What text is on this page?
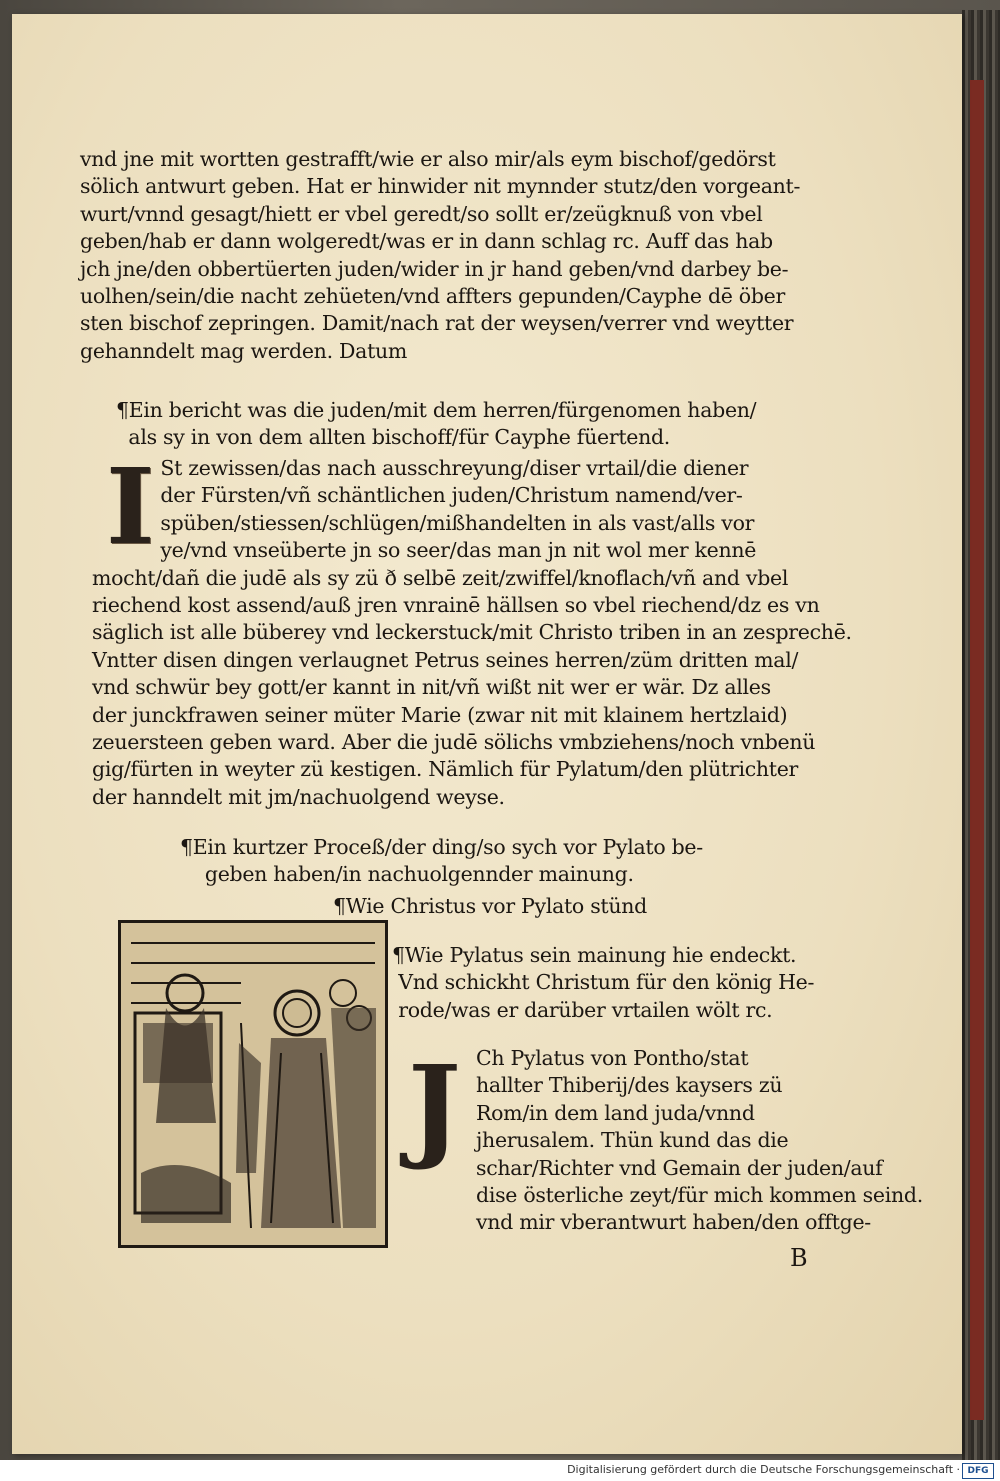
vnd jne mit wortten gestrafft/wie er also mir/als eym bischof/gedörst
sölich antwurt geben. Hat er hinwider nit mynnder stutz/den vorgeant-
wurt/vnnd gesagt/hiett er vbel geredt/so sollt er/zeügknuß von vbel
geben/hab er dann wolgeredt/was er in dann schlag rc. Auff das hab
jch jne/den obbertüerten juden/wider in jr hand geben/vnd darbey be-
uolhen/sein/die nacht zehüeten/vnd affters gepunden/Cayphe dē öber
sten bischof zepringen. Damit/nach rat der weysen/verrer vnd weytter
gehanndelt mag werden. Datum
¶Ein bericht was die juden/mit dem herren/fürgenomen haben/
als sy in von dem allten bischoff/für Cayphe füertend.
I
St zewissen/das nach ausschreyung/diser vrtail/die diener
der Fürsten/vñ schäntlichen juden/Christum namend/ver-
spüben/stiessen/schlügen/mißhandelten in als vast/alls vor
ye/vnd vnseüberte jn so seer/das man jn nit wol mer kennē
mocht/dañ die judē als sy zü ð selbē zeit/zwiffel/knoflach/vñ and vbel
riechend kost assend/auß jren vnrainē hällsen so vbel riechend/dz es vn
säglich ist alle büberey vnd leckerstuck/mit Christo triben in an zesprechē.
Vntter disen dingen verlaugnet Petrus seines herren/züm dritten mal/
vnd schwür bey gott/er kannt in nit/vñ wißt nit wer er wär. Dz alles
der junckfrawen seiner müter Marie (zwar nit mit klainem hertzlaid)
zeuersteen geben ward. Aber die judē sölichs vmbziehens/noch vnbenü
gig/fürten in weyter zü kestigen. Nämlich für Pylatum/den plütrichter
der hanndelt mit jm/nachuolgend weyse.
¶Ein kurtzer Proceß/der ding/so sych vor Pylato be-
geben haben/in nachuolgennder mainung.
¶Wie Christus vor Pylato stünd
¶Wie Pylatus sein mainung hie endeckt.
Vnd schickht Christum für den könig He-
rode/was er darüber vrtailen wölt rc.
J Ch Pylatus von Pontho/stat
hallter Thiberij/des kaysers zü
Rom/in dem land juda/vnnd
jherusalem. Thün kund das die
schar/Richter vnd Gemain der juden/auf
dise österliche zeyt/für mich kommen seind.
vnd mir vberantwurt haben/den offtge-
B
Digitalisierung gefördert durch die Deutsche Forschungsgemeinschaft · DFG
